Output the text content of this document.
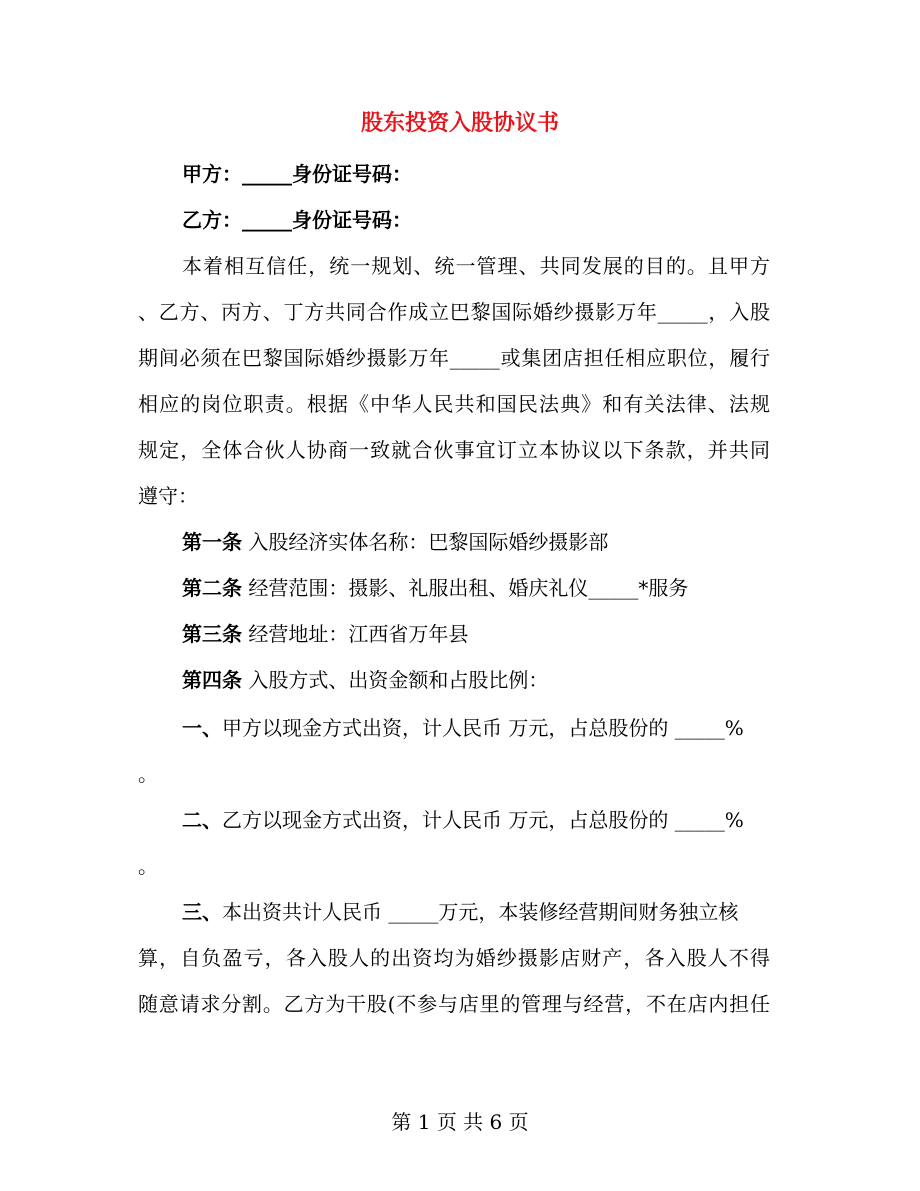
股东投资入股协议书
甲方：_____身份证号码：
乙方：_____身份证号码：
本着相互信任，统一规划、统一管理、共同发展的目的。且甲方
、乙方、丙方、丁方共同合作成立巴黎国际婚纱摄影万年_____，入股
期间必须在巴黎国际婚纱摄影万年_____或集团店担任相应职位，履行
相应的岗位职责。根据《中华人民共和国民法典》和有关法律、法规
规定，全体合伙人协商一致就合伙事宜订立本协议以下条款，并共同
遵守：
第一条 入股经济实体名称：巴黎国际婚纱摄影部
第二条 经营范围：摄影、礼服出租、婚庆礼仪_____*服务
第三条 经营地址：江西省万年县
第四条 入股方式、出资金额和占股比例：
一、甲方以现金方式出资，计人民币 万元，占总股份的 _____%
。
二、乙方以现金方式出资，计人民币 万元，占总股份的 _____%
。
三、本出资共计人民币 _____万元，本装修经营期间财务独立核
算，自负盈亏，各入股人的出资均为婚纱摄影店财产，各入股人不得
随意请求分割。乙方为干股(不参与店里的管理与经营，不在店内担任
第 1 页 共 6 页
